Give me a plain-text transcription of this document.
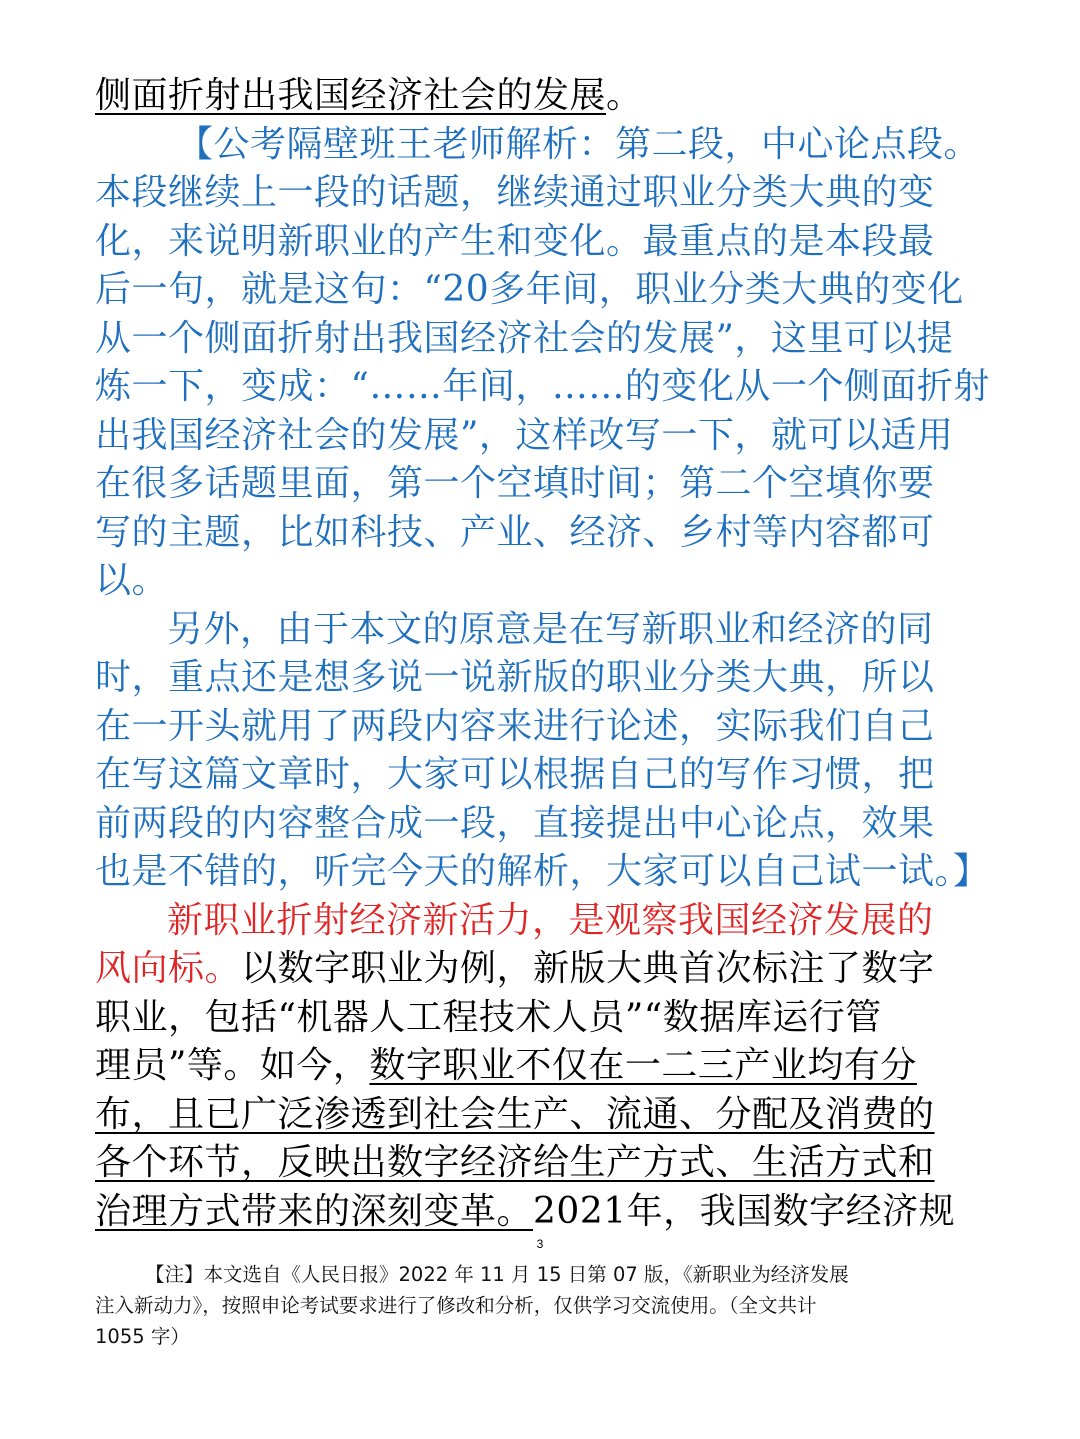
侧面折射出我国经济社会的发展。
【公考隔壁班王老师解析：第二段，中心论点段。
本段继续上一段的话题，继续通过职业分类大典的变
化，来说明新职业的产生和变化。最重点的是本段最
后一句，就是这句：“20多年间，职业分类大典的变化
从一个侧面折射出我国经济社会的发展”，这里可以提
炼一下，变成：“……年间，……的变化从一个侧面折射
出我国经济社会的发展”，这样改写一下，就可以适用
在很多话题里面，第一个空填时间；第二个空填你要
写的主题，比如科技、产业、经济、乡村等内容都可
以。
另外，由于本文的原意是在写新职业和经济的同
时，重点还是想多说一说新版的职业分类大典，所以
在一开头就用了两段内容来进行论述，实际我们自己
在写这篇文章时，大家可以根据自己的写作习惯，把
前两段的内容整合成一段，直接提出中心论点，效果
也是不错的，听完今天的解析，大家可以自己试一试。】
新职业折射经济新活力，是观察我国经济发展的
风向标。以数字职业为例，新版大典首次标注了数字
职业，包括“机器人工程技术人员”“数据库运行管
理员”等。如今，数字职业不仅在一二三产业均有分
布，且已广泛渗透到社会生产、流通、分配及消费的
各个环节，反映出数字经济给生产方式、生活方式和
治理方式带来的深刻变革。2021年，我国数字经济规
3
【注】本文选自《人民日报》2022 年 11 月 15 日第 07 版，《新职业为经济发展
注入新动力》，按照申论考试要求进行了修改和分析，仅供学习交流使用。（全文共计
1055 字）
